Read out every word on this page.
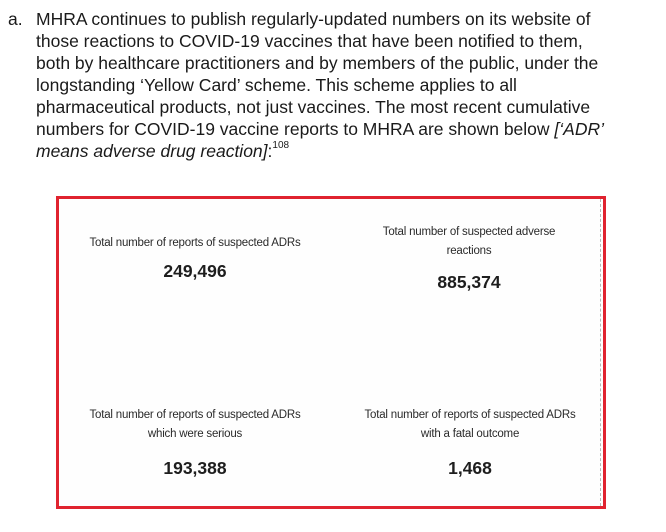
a. MHRA continues to publish regularly-updated numbers on its website of
those reactions to COVID-19 vaccines that have been notified to them,
both by healthcare practitioners and by members of the public, under the
longstanding ‘Yellow Card’ scheme. This scheme applies to all
pharmaceutical products, not just vaccines. The most recent cumulative
numbers for COVID-19 vaccine reports to MHRA are shown below [‘ADR’
means adverse drug reaction]:$^{108}$
Total number of reports of suspected ADRs
249,496
Total number of suspected adverse
reactions
885,374
Total number of reports of suspected ADRs
which were serious
193,388
Total number of reports of suspected ADRs
with a fatal outcome
1,468
